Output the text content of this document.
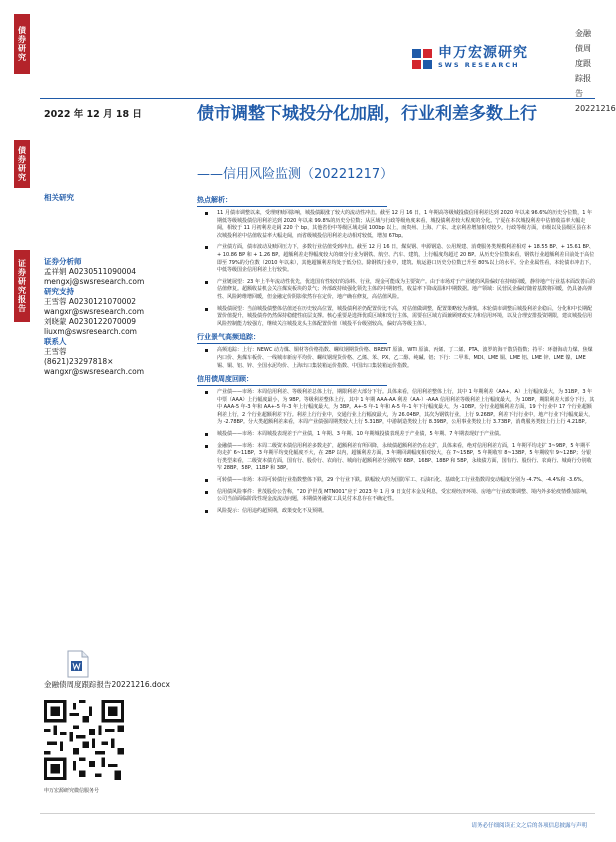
债券研究
债券研究
证券研究报告
金融债周度跟踪报告20221216
申万宏源研究
SWS RESEARCH
2022 年 12 月 18 日	债市调整下城投分化加剧，行业利差多数上行
——信用风险监测（20221217）
相关研究
证券分析师
孟祥娟 A0230511090004
mengxj@swsresearch.com
研究支持
王雪蓉 A0230121070002
wangxr@swsresearch.com
刘晓蒙 A0230122070009
liuxm@swsresearch.com
联系人
王雪蓉
(8621)23297818×
wangxr@swsresearch.com
金融债周度跟踪报告20221216.docx
申万宏源研究微信服务号
热点解析：
11 月债市调整以来，受理财赎回影响，城投债跟涨了较大的流动性冲击。截至 12 月 16 日，1 年期高等级城投债信用利差达到 2020 年以来 96.6%的历史分位数，1 年期低等级城投债信用利差达到 2020 年以来 99.8%的历史分位数；从区域与行政等级角度来看，城投债利差较大程度的分化。宁夏在本次城投利差中估值收益率大幅走阔，相较于 11 月初利差走阔 220 个 bp，其他省份中等级区域走阔 100bp 以上，而贵州、上海、广东、北京利差增加相对较少。行政等级方面，市级以及县级区县在本次城投利差中估值收益率大幅走阔，而省级城投信用利差走动相对较低，增加 67bp。
产业债方面，债市波动及赎回压力下，多数行业估值受到冲击。截至 12 月 16 日，煤炭钢、申源钢造、公用规建、消费服务类规模利差相对 + 18.55 BP、+ 15.61 BP、+ 10.86 BP 和 + 1.26 BP。超额利差走得幅度较大的细分行业为钢铁、航空、汽车、建筑，上行幅度均超过 20 BP。从历史分位数来看，钢铁行业超额利差目前处于高位即至 79%的分位数（2010 年以来），其他超额利差均处于低分位。除钢铁行业中，建筑、航运港口历史分位数已升至 80%以上的水平。分企业属性看，本轮债市冲击下，中低等级国企信用利差上行较快。
产业链展望：23 年上半年流动性优先，优选国有性较好的涂料、行业，现金可能成为主要资产。由于市场对于产业链的风险偏好在持续回暖，静待地产行业基本面改善后的估值修复。超额收益机会关注煤炭板块的景气；外部政持续强化领先主体的中期韧性，收益率下降或温和中期数据。地产领域：民营民企偏好随着基数将回暖，仍具备高弹性、风险跨维增回暖，但金融定价阴影依然存在定价，地产确在修复，高估值风险。
城投债展望：当前城投债整体估值还在历史较高位置，城投债利差仍配置价比不高，对估值做调整，配置策略较为谨慎。本轮债市调整后城投利差企稳后，分化和中长期配置价值提升，城投债券仍然保持稳健性底层支撑。核心重要是选择优质区域和发行主体，需要在区域方面兼顾财政实力和信用环境，以及合理安排投资期限，建议城投信用风险控制能力较强方，继续关注城投龙头主体配置价值（城投平台级别较高，偏好高等级主体）。
行业景气高频追踪：
高频追踪：上行：NEWC 动力煤、铜材等价格指数、螺纹钢期货价格、BRENT 原油、WTI 原油、丙烯、丁二烯、PTA、波罗的海干散货指数；持平：环渤海动力煤、焦煤内口价、焦煤车板价、一线城市新房平均价、螺纹钢现货价格、乙烯、苯、PX、乙二醇、纯碱、铝；下行：二甲苯、MDI、LME 铜、LME 铝、LME 锌、LME 镍、LME 锡、铜、铝、锌、全国水泥均价、上海出口集装箱运价指数、中国出口集装箱运价指数。
信用债周度回顾：
产业债——市场：本周信用利差、等级利差总体上行，期限利差大部分下行。具体来看，信用利差整体上行，其中 1 年期利差（AA+、A）上行幅度最大，为 31BP，3 年中票（AAA）上行幅度最小，为 9BP。等级利差整体上行，其中 1 年期 AAA-AA 利差（AA-）-AAA 信用利差等级利差上行幅度最大，为 10BP，期限利差大部分下行，其中 AAA-5 年-3 年和 AA+-5 年-3 年上行幅度最大，为 3BP。A+-5 年-1 年和 A-5 年-1 年下行幅度最大，为 -10BP。分行业超额利差方面，19 个行业中 17 个行业超额利差上行，2 个行业超额利差下行。利差上行行业中，交通行业上行幅度最大，为 26.04BP，其次为钢铁行业，上行 9.26BP。利差下行行业中，地产行业下行幅度最大，为 -2.78BP。分大类超额利差来看，本周产业债强周期类较大上行 5.31BP，中游制造类较上行 8.39BP，公用事业类较上行 3.73BP，消费服务类较上行上行 4.21BP。
城投债——市场：本周城投表现差于产业债，1 年期、3 年期、10 年期城投债表现差于产业债，5 年期、7 年期表现好于产业债。
金融债——市场：本周二级资本债信用利差多数走扩，超额利差有所回降，永续债超额利差仍在走扩，具体来看，绝对信用利差方面，1 年期平均走扩 3~9BP，5 年期平均走扩 6~11BP，3 年期平均变化幅度不大，在 2BP 以内，超额利差方面，3 年期回调幅度相对较大，在 7~15BP，5 年期收窄 8~13BP，5 年期收窄 9~12BP；分银行类型来看，二级资本债方面，国有行、股份行、农商行、城商行超额利差分别收窄 6BP、16BP、18BP 和 5BP，永续债方面，国有行、股份行、农商行、城商行分别收窄 28BP、58P、11BP 和 38P。
可转债——市场：本周可转债行业指数整体下跌，29 个行业下跌。跌幅较大的为国防军工、石油石化、基础化工行业指数周变动幅度分别为 -4.7%、-4.4%和 -3.6%。
信用债风险事件：世茂股份公告称，“20 沪世茂 MTN001”应于 2023 年 1 月 9 日支付本金及利息，受宏观经济环境、房地产行业政策调整、境内外多轮疫情叠加影响，公司当前面临阶段性现金流流动问题，本期债务融资工具兑付本息存在不确定性。
风险提示：信用违约超预期，政策变化不及预期。
请务必仔细阅读正文之后的各项信息披露与声明
